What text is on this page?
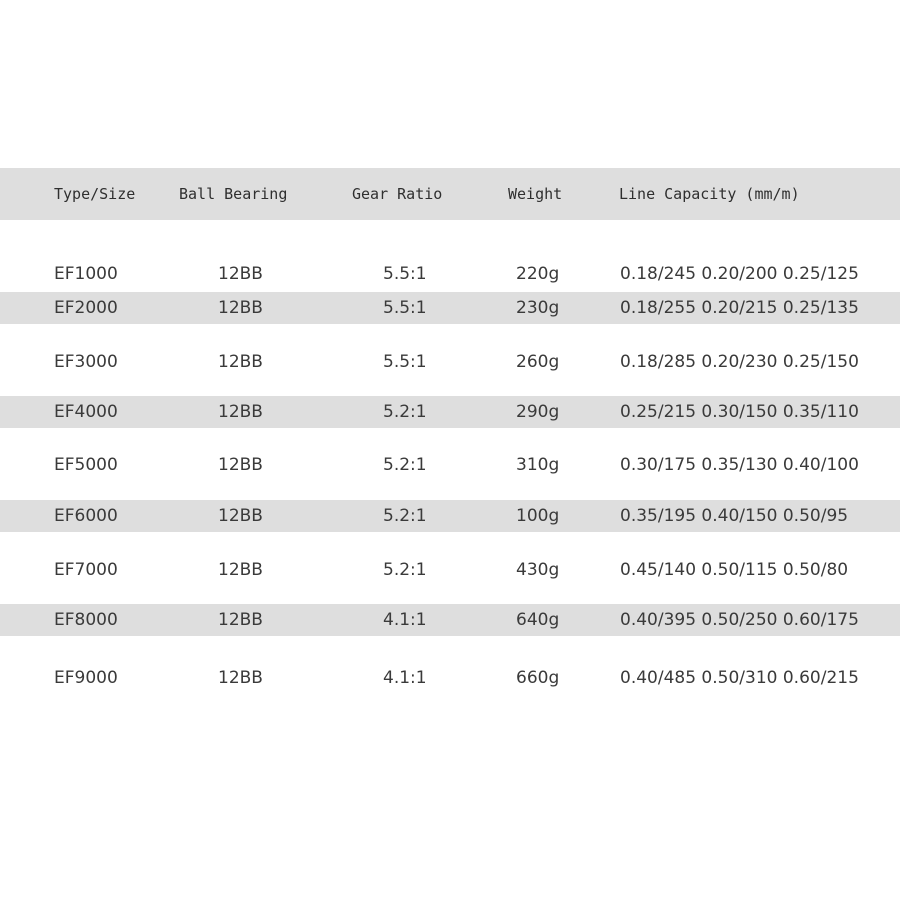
Type/Size	Ball Bearing	Gear Ratio	Weight	Line Capacity (mm/m)
EF1000	12BB	5.5:1	220g	0.18/245 0.20/200 0.25/125
EF2000	12BB	5.5:1	230g	0.18/255 0.20/215 0.25/135
EF3000	12BB	5.5:1	260g	0.18/285 0.20/230 0.25/150
EF4000	12BB	5.2:1	290g	0.25/215 0.30/150 0.35/110
EF5000	12BB	5.2:1	310g	0.30/175 0.35/130 0.40/100
EF6000	12BB	5.2:1	100g	0.35/195 0.40/150 0.50/95
EF7000	12BB	5.2:1	430g	0.45/140 0.50/115 0.50/80
EF8000	12BB	4.1:1	640g	0.40/395 0.50/250 0.60/175
EF9000	12BB	4.1:1	660g	0.40/485 0.50/310 0.60/215
